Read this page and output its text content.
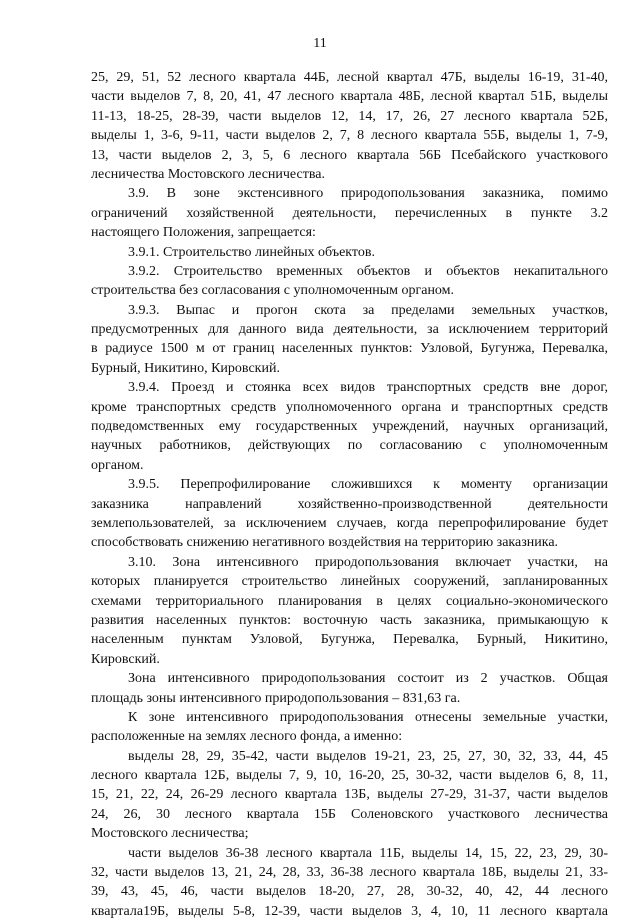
11
25, 29, 51, 52 лесного квартала 44Б, лесной квартал 47Б, выделы 16-19, 31-40,
части выделов 7, 8, 20, 41, 47 лесного квартала 48Б, лесной квартал 51Б, выделы
11-13, 18-25, 28-39, части выделов 12, 14, 17, 26, 27 лесного квартала 52Б,
выделы 1, 3-6, 9-11, части выделов 2, 7, 8 лесного квартала 55Б, выделы 1, 7-9,
13, части выделов 2, 3, 5, 6 лесного квартала 56Б Псебайского участкового
лесничества Мостовского лесничества.
3.9. В зоне экстенсивного природопользования заказника, помимо
ограничений хозяйственной деятельности, перечисленных в пункте 3.2
настоящего Положения, запрещается:
3.9.1. Строительство линейных объектов.
3.9.2. Строительство временных объектов и объектов некапитального
строительства без согласования с уполномоченным органом.
3.9.3. Выпас и прогон скота за пределами земельных участков,
предусмотренных для данного вида деятельности, за исключением территорий
в радиусе 1500 м от границ населенных пунктов: Узловой, Бугунжа, Перевалка,
Бурный, Никитино, Кировский.
3.9.4. Проезд и стоянка всех видов транспортных средств вне дорог,
кроме транспортных средств уполномоченного органа и транспортных средств
подведомственных ему государственных учреждений, научных организаций,
научных работников, действующих по согласованию с уполномоченным
органом.
3.9.5. Перепрофилирование сложившихся к моменту организации
заказника направлений хозяйственно-производственной деятельности
землепользователей, за исключением случаев, когда перепрофилирование будет
способствовать снижению негативного воздействия на территорию заказника.
3.10. Зона интенсивного природопользования включает участки, на
которых планируется строительство линейных сооружений, запланированных
схемами территориального планирования в целях социально-экономического
развития населенных пунктов: восточную часть заказника, примыкающую к
населенным пунктам Узловой, Бугунжа, Перевалка, Бурный, Никитино,
Кировский.
Зона интенсивного природопользования состоит из 2 участков. Общая
площадь зоны интенсивного природопользования – 831,63 га.
К зоне интенсивного природопользования отнесены земельные участки,
расположенные на землях лесного фонда, а именно:
выделы 28, 29, 35-42, части выделов 19-21, 23, 25, 27, 30, 32, 33, 44, 45
лесного квартала 12Б, выделы 7, 9, 10, 16-20, 25, 30-32, части выделов 6, 8, 11,
15, 21, 22, 24, 26-29 лесного квартала 13Б, выделы 27-29, 31-37, части выделов
24, 26, 30 лесного квартала 15Б Соленовского участкового лесничества
Мостовского лесничества;
части выделов 36-38 лесного квартала 11Б, выделы 14, 15, 22, 23, 29, 30-
32, части выделов 13, 21, 24, 28, 33, 36-38 лесного квартала 18Б, выделы 21, 33-
39, 43, 45, 46, части выделов 18-20, 27, 28, 30-32, 40, 42, 44 лесного
квартала19Б, выделы 5-8, 12-39, части выделов 3, 4, 10, 11 лесного квартала
